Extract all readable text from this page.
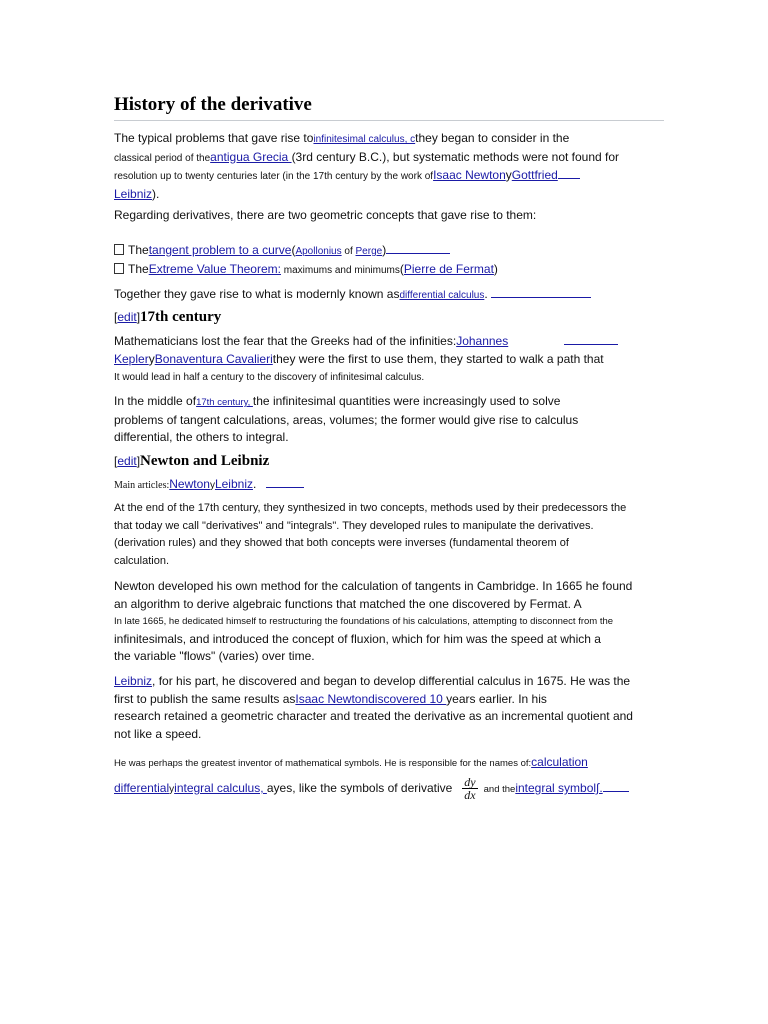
History of the derivative
The typical problems that gave rise toinfinitesimal calculus, cthey began to consider in the
classical period of theantigua Grecia (3rd century B.C.), but systematic methods were not found for
resolution up to twenty centuries later (in the 17th century by the work ofIsaac NewtonyGottfried
Leibniz).
Regarding derivatives, there are two geometric concepts that gave rise to them:
Thetangent problem to a curve(Apollonius of Perge)
TheExtreme Value Theorem: maximums and minimums(Pierre de Fermat)
Together they gave rise to what is modernly known asdifferential calculus.
[edit]17th century
Mathematicians lost the fear that the Greeks had of the infinities:Johannes
KepleryBonaventura Cavalierithey were the first to use them, they started to walk a path that
It would lead in half a century to the discovery of infinitesimal calculus.
In the middle of17th century, the infinitesimal quantities were increasingly used to solve
problems of tangent calculations, areas, volumes; the former would give rise to calculus
differential, the others to integral.
[edit]Newton and Leibniz
Main articles:NewtonyLeibniz.
At the end of the 17th century, they synthesized in two concepts, methods used by their predecessors the
that today we call "derivatives" and "integrals". They developed rules to manipulate the derivatives.
(derivation rules) and they showed that both concepts were inverses (fundamental theorem of
calculation.
Newton developed his own method for the calculation of tangents in Cambridge. In 1665 he found
an algorithm to derive algebraic functions that matched the one discovered by Fermat. A
In late 1665, he dedicated himself to restructuring the foundations of his calculations, attempting to disconnect from the
infinitesimals, and introduced the concept of fluxion, which for him was the speed at which a
the variable "flows" (varies) over time.
Leibniz, for his part, he discovered and began to develop differential calculus in 1675. He was the
first to publish the same results asIsaac Newtondiscovered 10 years earlier. In his
research retained a geometric character and treated the derivative as an incremental quotient and
not like a speed.
He was perhaps the greatest inventor of mathematical symbols. He is responsible for the names of:calculation
differentialyintegral calculus, ayes, like the symbols of derivative $\frac{dy}{dx}$ and theintegral symbol∫.
